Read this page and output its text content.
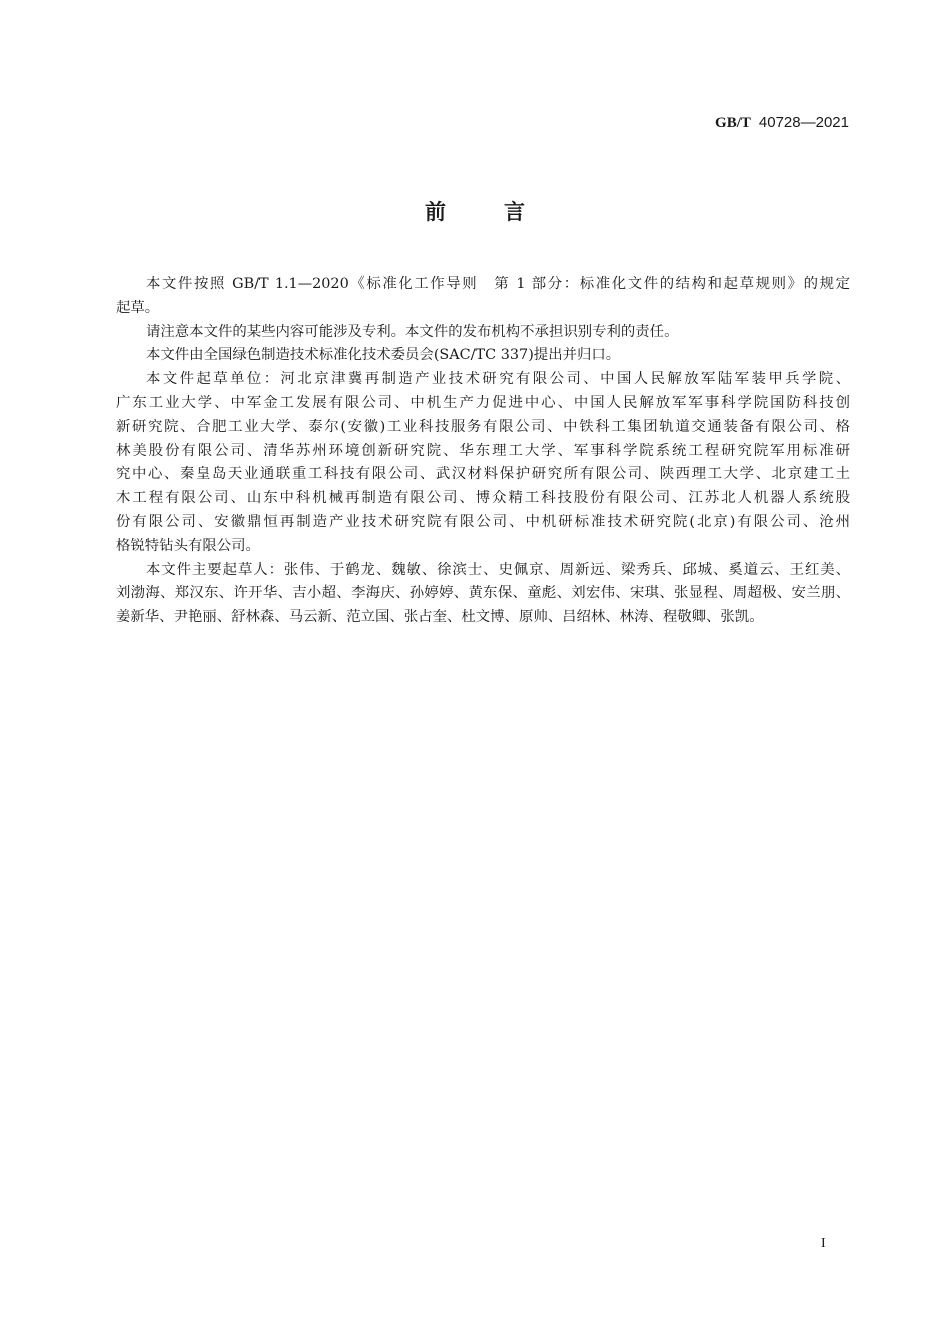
GB/T 40728—2021
前言
本文件按照 GB/T 1.1—2020《标准化工作导则　第 1 部分：标准化文件的结构和起草规则》的规定
起草。
请注意本文件的某些内容可能涉及专利。本文件的发布机构不承担识别专利的责任。
本文件由全国绿色制造技术标准化技术委员会(SAC/TC 337)提出并归口。
本文件起草单位：河北京津冀再制造产业技术研究有限公司、中国人民解放军陆军装甲兵学院、
广东工业大学、中军金工发展有限公司、中机生产力促进中心、中国人民解放军军事科学院国防科技创
新研究院、合肥工业大学、泰尔(安徽)工业科技服务有限公司、中铁科工集团轨道交通装备有限公司、格
林美股份有限公司、清华苏州环境创新研究院、华东理工大学、军事科学院系统工程研究院军用标准研
究中心、秦皇岛天业通联重工科技有限公司、武汉材料保护研究所有限公司、陕西理工大学、北京建工土
木工程有限公司、山东中科机械再制造有限公司、博众精工科技股份有限公司、江苏北人机器人系统股
份有限公司、安徽鼎恒再制造产业技术研究院有限公司、中机研标准技术研究院(北京)有限公司、沧州
格锐特钻头有限公司。
本文件主要起草人：张伟、于鹤龙、魏敏、徐滨士、史佩京、周新远、梁秀兵、邱城、奚道云、王红美、
刘渤海、郑汉东、许开华、吉小超、李海庆、孙婷婷、黄东保、童彪、刘宏伟、宋琪、张显程、周超极、安兰朋、
姜新华、尹艳丽、舒林森、马云新、范立国、张占奎、杜文博、原帅、吕绍林、林涛、程敬卿、张凯。
I
